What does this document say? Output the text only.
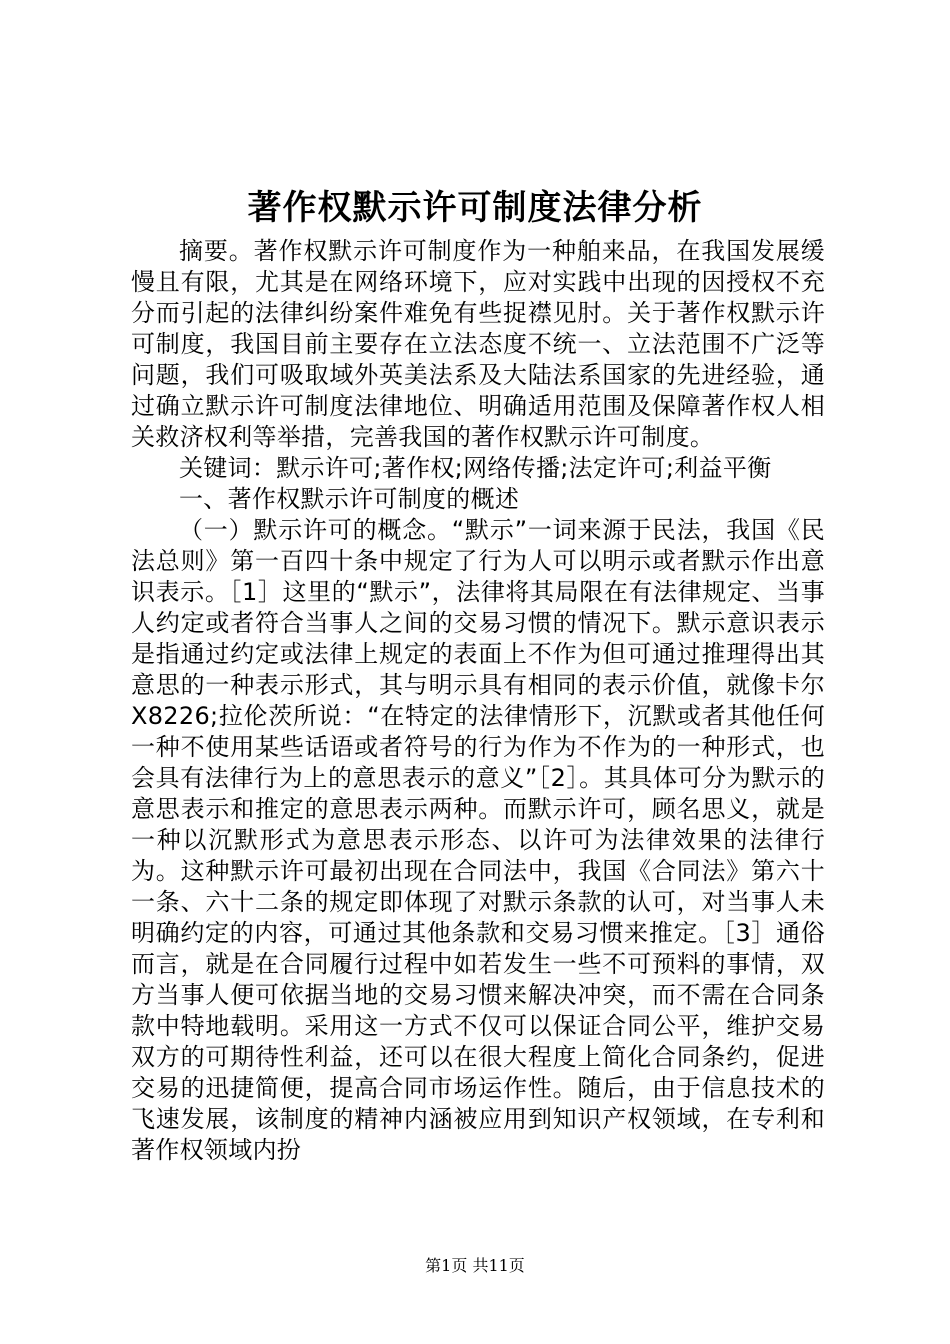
著作权默示许可制度法律分析

摘要。著作权默示许可制度作为一种舶来品，在我国发展缓慢且有限，尤其是在网络环境下，应对实践中出现的因授权不充分而引起的法律纠纷案件难免有些捉襟见肘。关于著作权默示许可制度，我国目前主要存在立法态度不统一、立法范围不广泛等问题，我们可吸取域外英美法系及大陆法系国家的先进经验，通过确立默示许可制度法律地位、明确适用范围及保障著作权人相关救济权利等举措，完善我国的著作权默示许可制度。

关键词：默示许可;著作权;网络传播;法定许可;利益平衡

一、著作权默示许可制度的概述

（一）默示许可的概念。“默示”一词来源于民法，我国《民法总则》第一百四十条中规定了行为人可以明示或者默示作出意识表示。［1］这里的“默示”，法律将其局限在有法律规定、当事人约定或者符合当事人之间的交易习惯的情况下。默示意识表示是指通过约定或法律上规定的表面上不作为但可通过推理得出其意思的一种表示形式，其与明示具有相同的表示价值，就像卡尔X8226;拉伦茨所说：“在特定的法律情形下，沉默或者其他任何一种不使用某些话语或者符号的行为作为不作为的一种形式，也会具有法律行为上的意思表示的意义”［2］。其具体可分为默示的意思表示和推定的意思表示两种。而默示许可，顾名思义，就是一种以沉默形式为意思表示形态、以许可为法律效果的法律行为。这种默示许可最初出现在合同法中，我国《合同法》第六十一条、六十二条的规定即体现了对默示条款的认可，对当事人未明确约定的内容，可通过其他条款和交易习惯来推定。［3］通俗而言，就是在合同履行过程中如若发生一些不可预料的事情，双方当事人便可依据当地的交易习惯来解决冲突，而不需在合同条款中特地载明。采用这一方式不仅可以保证合同公平，维护交易双方的可期待性利益，还可以在很大程度上简化合同条约，促进交易的迅捷简便，提高合同市场运作性。随后，由于信息技术的飞速发展，该制度的精神内涵被应用到知识产权领域，在专利和著作权领域内扮

第1页 共11页
